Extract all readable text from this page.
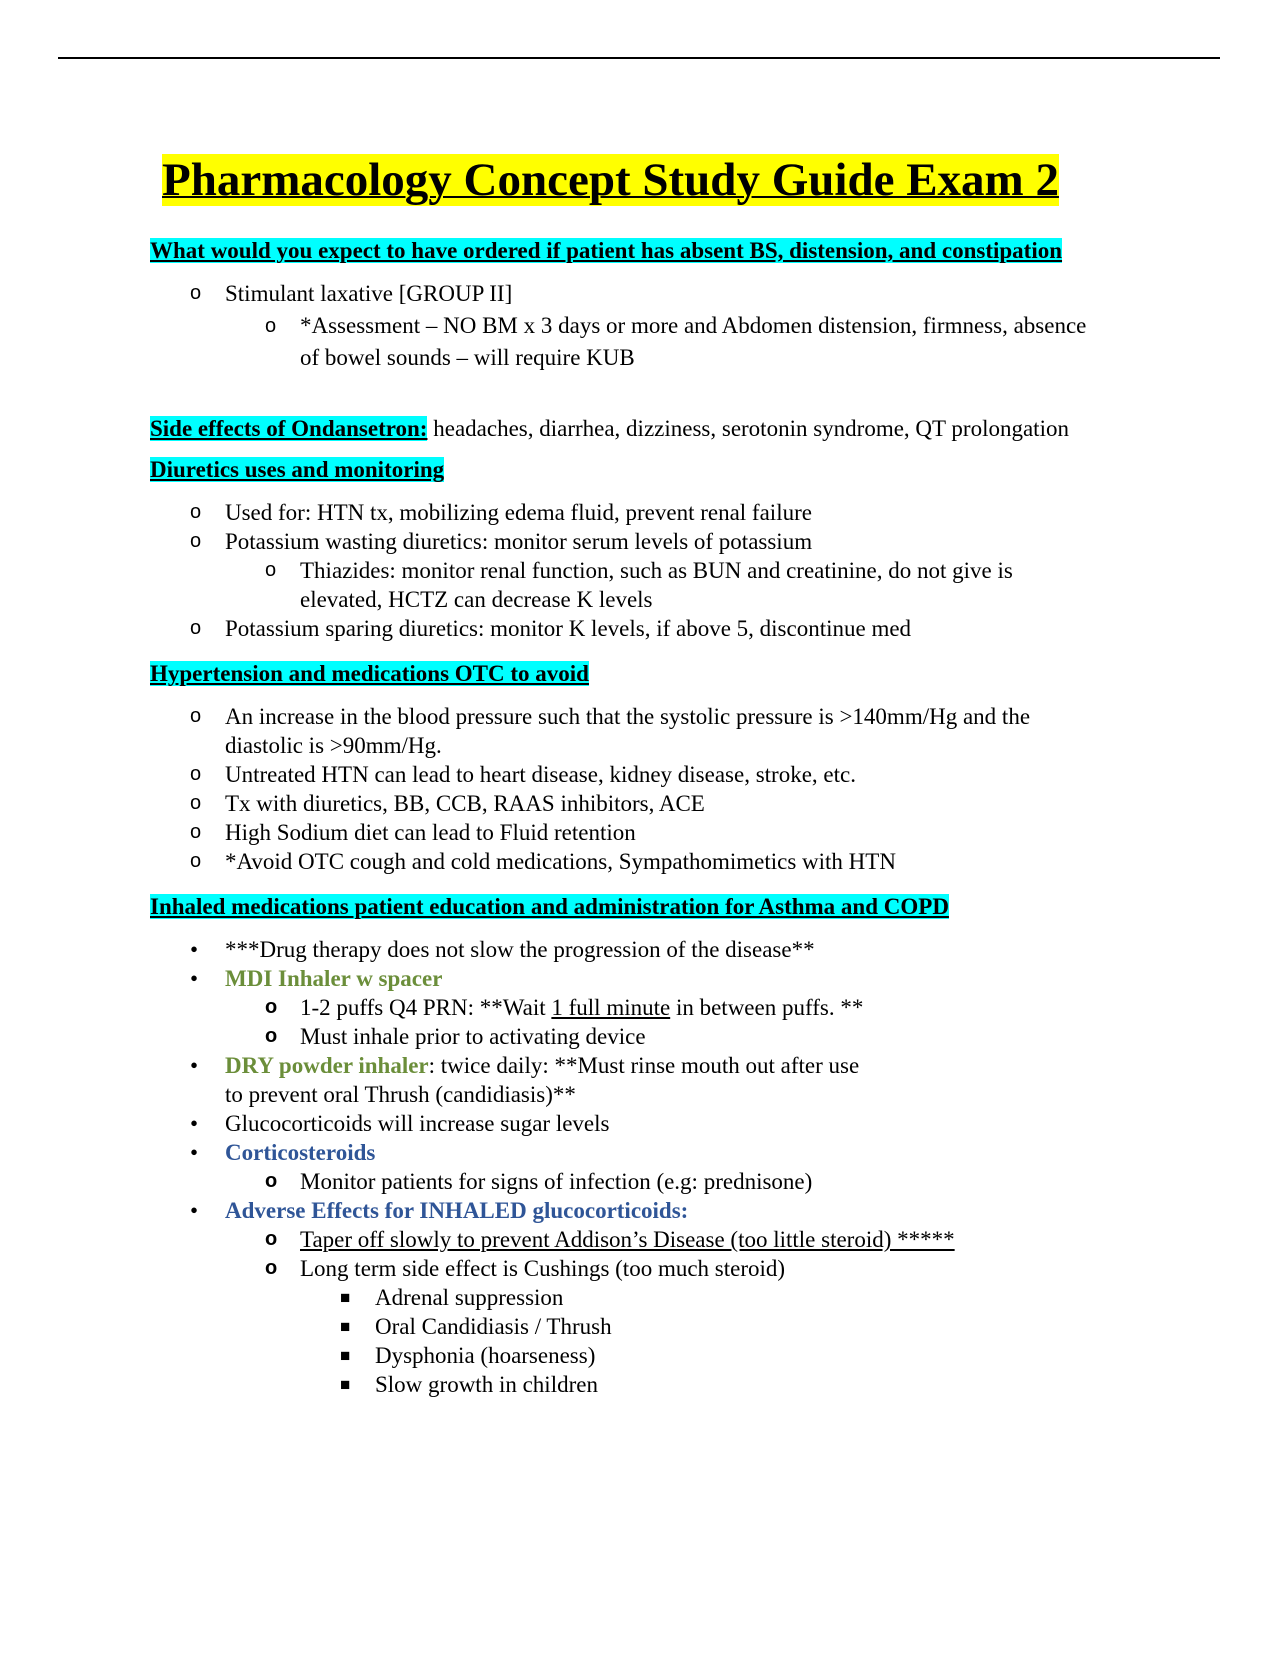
Pharmacology Concept Study Guide Exam 2

What would you expect to have ordered if patient has absent BS, distension, and constipation

o Stimulant laxative [GROUP II]
o *Assessment – NO BM x 3 days or more and Abdomen distension, firmness, absence of bowel sounds – will require KUB

Side effects of Ondansetron: headaches, diarrhea, dizziness, serotonin syndrome, QT prolongation

Diuretics uses and monitoring

o Used for: HTN tx, mobilizing edema fluid, prevent renal failure
o Potassium wasting diuretics: monitor serum levels of potassium
o Thiazides: monitor renal function, such as BUN and creatinine, do not give is elevated, HCTZ can decrease K levels
o Potassium sparing diuretics: monitor K levels, if above 5, discontinue med

Hypertension and medications OTC to avoid

o An increase in the blood pressure such that the systolic pressure is >140mm/Hg and the diastolic is >90mm/Hg.
o Untreated HTN can lead to heart disease, kidney disease, stroke, etc.
o Tx with diuretics, BB, CCB, RAAS inhibitors, ACE
o High Sodium diet can lead to Fluid retention
o *Avoid OTC cough and cold medications, Sympathomimetics with HTN

Inhaled medications patient education and administration for Asthma and COPD

• ***Drug therapy does not slow the progression of the disease**
• MDI Inhaler w spacer
o 1-2 puffs Q4 PRN: **Wait 1 full minute in between puffs. **
o Must inhale prior to activating device
• DRY powder inhaler: twice daily: **Must rinse mouth out after use
to prevent oral Thrush (candidiasis)**
• Glucocorticoids will increase sugar levels
• Corticosteroids
o Monitor patients for signs of infection (e.g: prednisone)
• Adverse Effects for INHALED glucocorticoids:
o Taper off slowly to prevent Addison’s Disease (too little steroid) *****
o Long term side effect is Cushings (too much steroid)
■ Adrenal suppression
■ Oral Candidiasis / Thrush
■ Dysphonia (hoarseness)
■ Slow growth in children
